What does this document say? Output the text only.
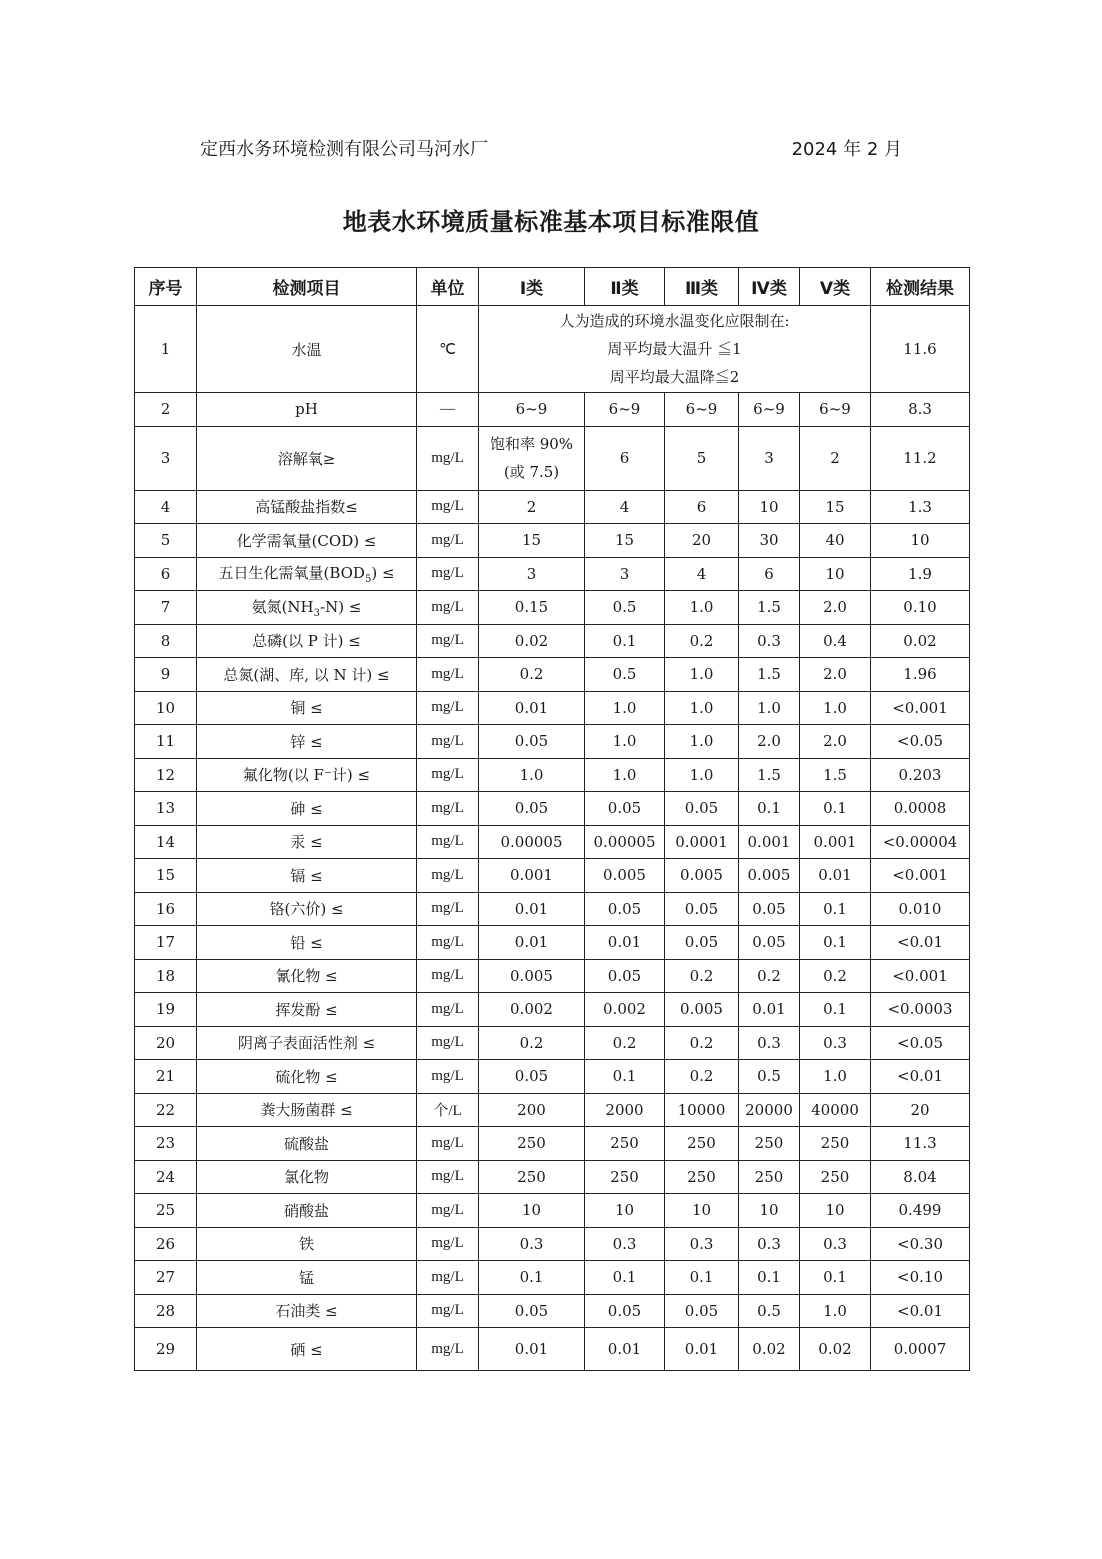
定西水务环境检测有限公司马河水厂	2024 年 2 月
地表水环境质量标准基本项目标准限值
序号	检测项目	单位	Ⅰ类	Ⅱ类	Ⅲ类	Ⅳ类	Ⅴ类	检测结果
1	水温	℃	人为造成的环境水温变化应限制在:
周平均最大温升 ≦1
周平均最大温降≦2					11.6
2	pH	—	6~9	6~9	6~9	6~9	6~9	8.3
3	溶解氧≥	mg/L	饱和率 90%
(或 7.5)	6	5	3	2	11.2
4	高锰酸盐指数≤	mg/L	2	4	6	10	15	1.3
5	化学需氧量(COD) ≤	mg/L	15	15	20	30	40	10
6	五日生化需氧量$(BOD_5)$ ≤	mg/L	3	3	4	6	10	1.9
7	氨氮$(NH_3-N)$ ≤	mg/L	0.15	0.5	1.0	1.5	2.0	0.10
8	总磷(以 P 计) ≤	mg/L	0.02	0.1	0.2	0.3	0.4	0.02
9	总氮(湖、库, 以 N 计) ≤	mg/L	0.2	0.5	1.0	1.5	2.0	1.96
10	铜 ≤	mg/L	0.01	1.0	1.0	1.0	1.0	<0.001
11	锌 ≤	mg/L	0.05	1.0	1.0	2.0	2.0	<0.05
12	氟化物(以 F⁻计) ≤	mg/L	1.0	1.0	1.0	1.5	1.5	0.203
13	砷 ≤	mg/L	0.05	0.05	0.05	0.1	0.1	0.0008
14	汞 ≤	mg/L	0.00005	0.00005	0.0001	0.001	0.001	<0.00004
15	镉 ≤	mg/L	0.001	0.005	0.005	0.005	0.01	<0.001
16	铬(六价) ≤	mg/L	0.01	0.05	0.05	0.05	0.1	0.010
17	铅 ≤	mg/L	0.01	0.01	0.05	0.05	0.1	<0.01
18	氰化物 ≤	mg/L	0.005	0.05	0.2	0.2	0.2	<0.001
19	挥发酚 ≤	mg/L	0.002	0.002	0.005	0.01	0.1	<0.0003
20	阴离子表面活性剂 ≤	mg/L	0.2	0.2	0.2	0.3	0.3	<0.05
21	硫化物 ≤	mg/L	0.05	0.1	0.2	0.5	1.0	<0.01
22	粪大肠菌群 ≤	个/L	200	2000	10000	20000	40000	20
23	硫酸盐	mg/L	250	250	250	250	250	11.3
24	氯化物	mg/L	250	250	250	250	250	8.04
25	硝酸盐	mg/L	10	10	10	10	10	0.499
26	铁	mg/L	0.3	0.3	0.3	0.3	0.3	<0.30
27	锰	mg/L	0.1	0.1	0.1	0.1	0.1	<0.10
28	石油类 ≤	mg/L	0.05	0.05	0.05	0.5	1.0	<0.01
29	硒 ≤	mg/L	0.01	0.01	0.01	0.02	0.02	0.0007
